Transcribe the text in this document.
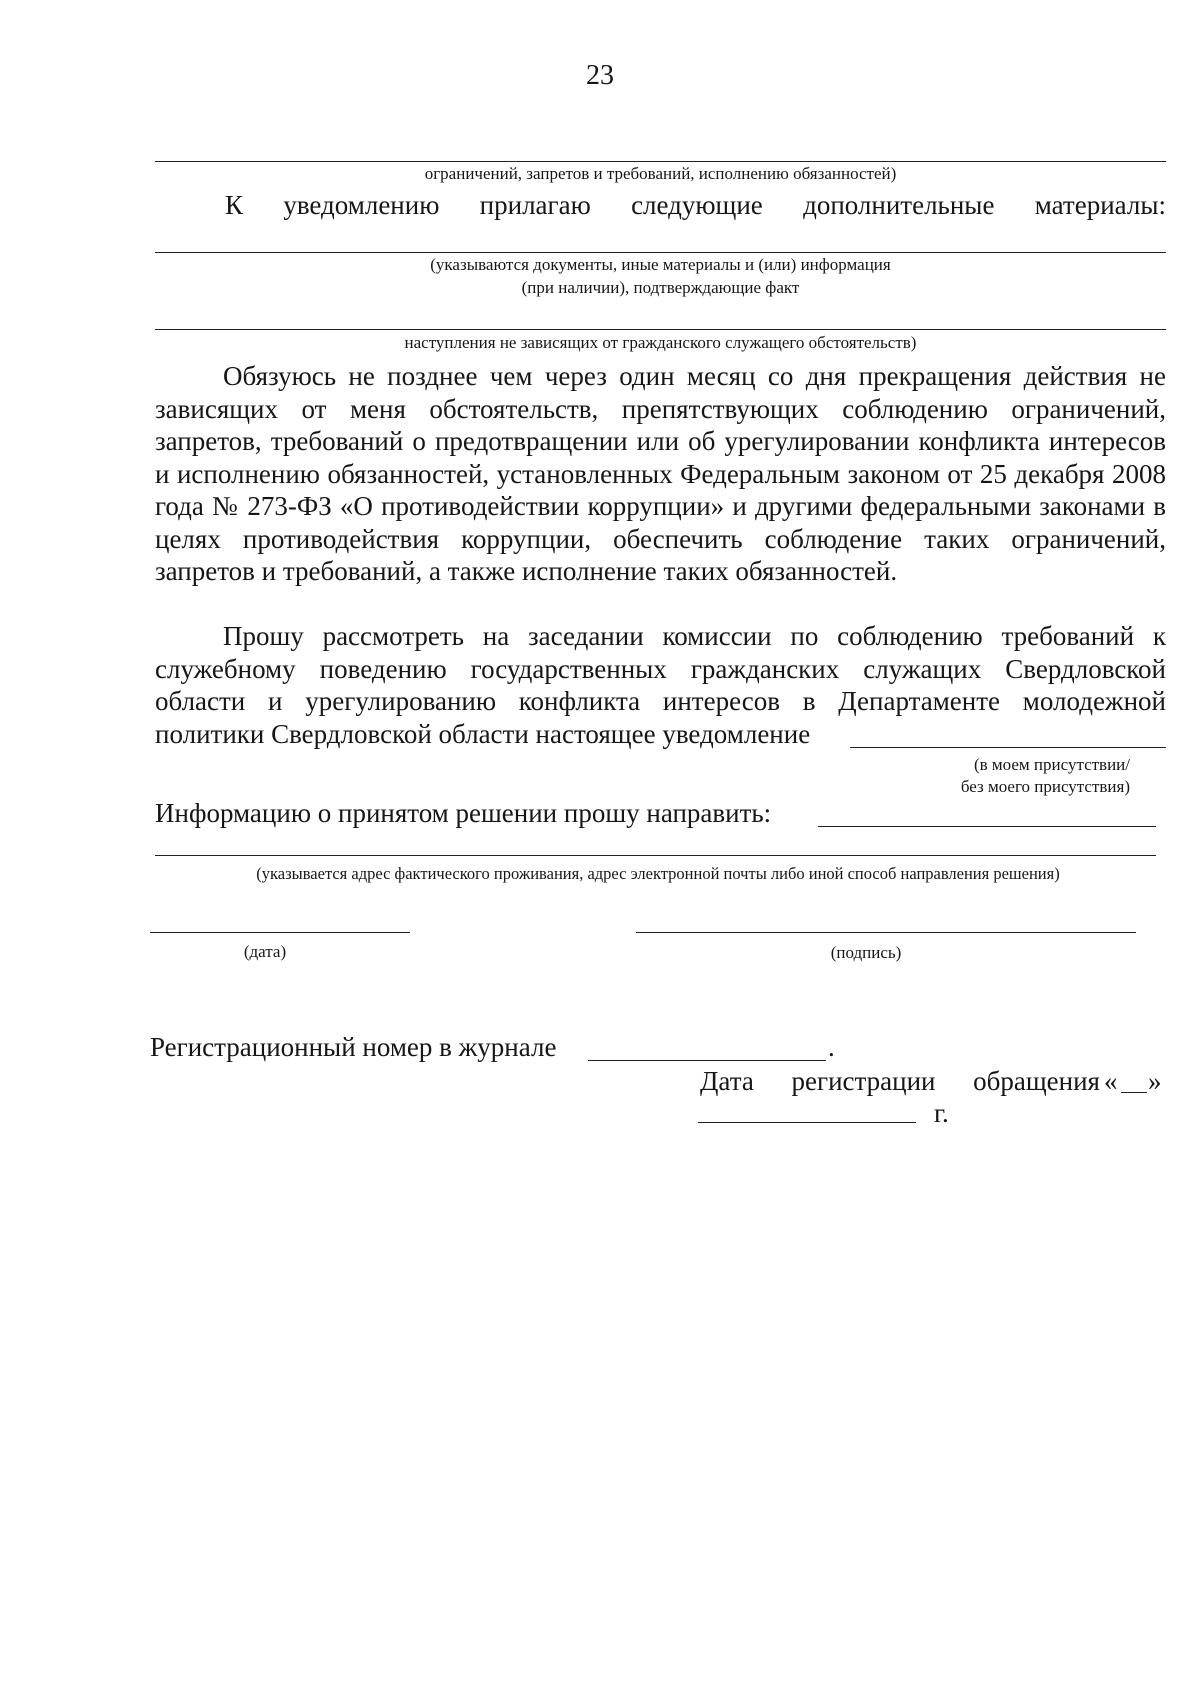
23
ограничений, запретов и требований, исполнению обязанностей)
К уведомлению прилагаю следующие дополнительные материалы:
(указываются документы, иные материалы и (или) информация
(при наличии), подтверждающие факт
наступления не зависящих от гражданского служащего обстоятельств)
Обязуюсь не позднее чем через один месяц со дня прекращения действия не зависящих от меня обстоятельств, препятствующих соблюдению ограничений, запретов, требований о предотвращении или об урегулировании конфликта интересов и исполнению обязанностей, установленных Федеральным законом от 25 декабря 2008 года № 273-ФЗ «О противодействии коррупции» и другими федеральными законами в целях противодействия коррупции, обеспечить соблюдение таких ограничений, запретов и требований, а также исполнение таких обязанностей.
Прошу рассмотреть на заседании комиссии по соблюдению требований к служебному поведению государственных гражданских служащих Свердловской области и урегулированию конфликта интересов в Департаменте молодежной политики Свердловской области настоящее уведомление
(в моем присутствии/
без моего присутствия)
Информацию о принятом решении прошу направить:
(указывается адрес фактического проживания, адрес электронной почты либо иной способ направления решения)
(дата)	(подпись)
Регистрационный номер в журнале	.
Дата регистрации обращения « »
г.
